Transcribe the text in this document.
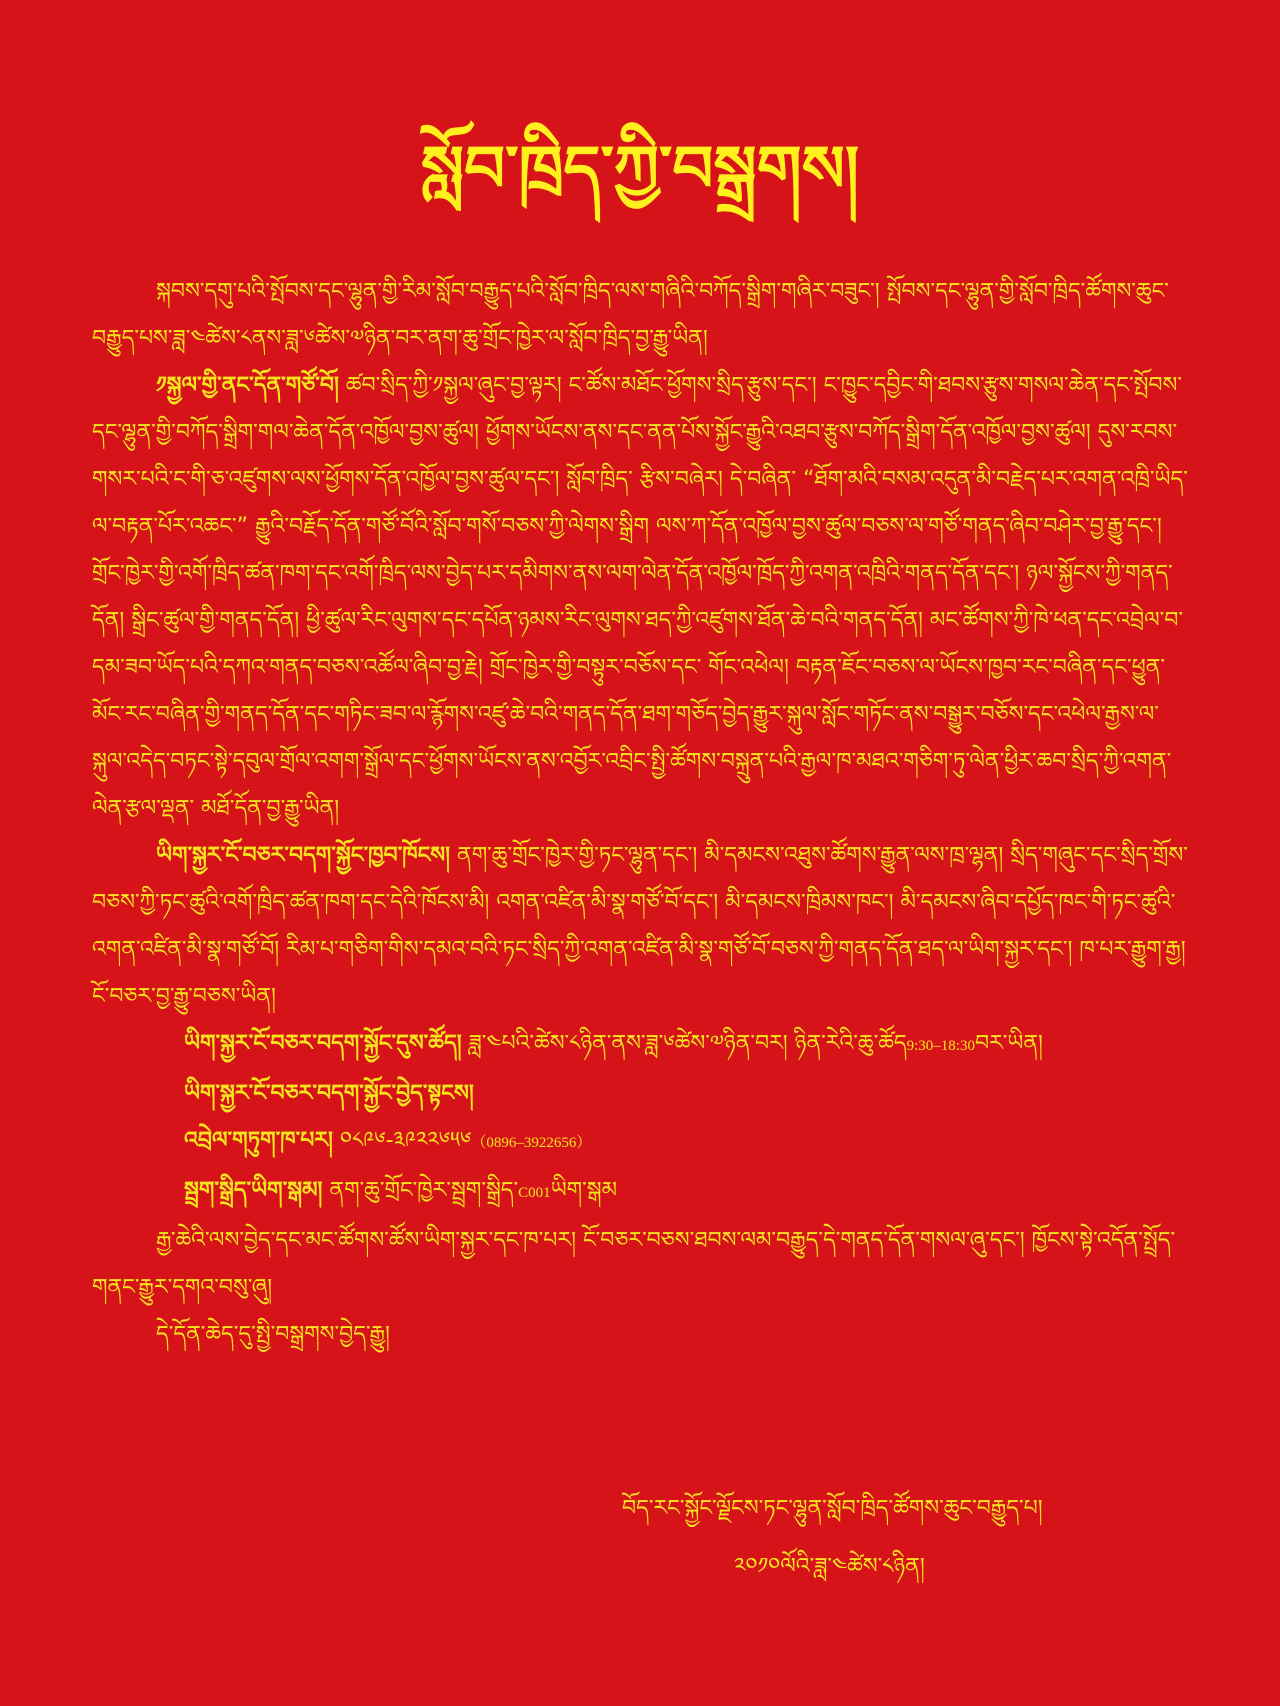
སློབ་ཁྲིད་ཀྱི་བསྒྲགས།

སྐབས་དགུ་པའི་སྤོབས་དང་ལྷུན་གྱི་རིམ་སློབ་བརྒྱུད་པའི་སློབ་ཁྲིད་ལས་གཞིའི་བཀོད་སྒྲིག་གཞིར་བཟུང་། སྤོབས་དང་ལྷུན་གྱི་སློབ་ཁྲིད་ཚོགས་ཆུང་བརྒྱུད་པས་ཟླ་༤ཚེས་༨ནས་ཟླ་༦ཚེས་༧ཉིན་བར་ནག་ཆུ་གྲོང་ཁྱེར་ལ་སློབ་ཁྲིད་བྱ་རྒྱུ་ཡིན།

༡སྐྱལ་གྱི་ནང་དོན་གཙོ་བོ། ཚབ་སྲིད་ཀྱི་༡སྐྱལ་ཞུང་བྱ་ལྟར། ང་ཚོས་མཐོང་ཕྱོགས་སྲིད་རྩུས་དང་། ང་ཁྱུང་དབྱིང་གི་ཐབས་རྩུས་གསལ་ཆེན་དང་སྤོབས་དང་ལྷུན་གྱི་བཀོད་སྒྲིག་གལ་ཆེན་དོན་འཁྱོལ་བྱས་ཚུལ། ཕྱོགས་ཡོངས་ནས་དང་ནན་པོས་སྐྱོང་རྒྱུའི་འཐབ་རྩུས་བཀོད་སྒྲིག་དོན་འཁྱོལ་བྱས་ཚུལ། དུས་རབས་གསར་པའི་ང་གི་ཅ་འཛུགས་ལས་ཕྱོགས་དོན་འཁྱོལ་བྱས་ཚུལ་དང་། སློབ་ཁྲིད་ རྩིས་བཞེར། དེ་བཞིན་ “ཐོག་མའི་བསམ་འདུན་མི་བརྗེད་པར་འགན་འཁྲི་ཡིད་ལ་བརྟན་པོར་འཆང་” རྒྱུའི་བརྗོད་དོན་གཙོ་བོའི་སློབ་གསོ་བཅས་ཀྱི་ལེགས་སྒྲིག ལས་ཀ་དོན་འཁྱོལ་བྱས་ཚུལ་བཅས་ལ་གཙོ་གནད་ཞིབ་བཤེར་བྱ་རྒྱུ་དང་། གྲོང་ཁྱེར་གྱི་འགོ་ཁྲིད་ཚན་ཁག་དང་འགོ་ཁྲིད་ལས་བྱེད་པར་དམིགས་ནས་ལག་ལེན་དོན་འཁྱོལ་ཁྲོད་ཀྱི་འགན་འཁྲིའི་གནད་དོན་དང་། ཉལ་སྐྱོངས་ཀྱི་གནད་དོན། སྒྲིང་ཚུལ་གྱི་གནད་དོན། ཕྱི་ཚུལ་རིང་ལུགས་དང་དཔོན་ཉམས་རིང་ལུགས་ཐད་ཀྱི་འཛུགས་ཐོན་ཆེ་བའི་གནད་དོན། མང་ཚོགས་ཀྱི་ཁེ་ཕན་དང་འབྲེལ་བ་དམ་ཟབ་ཡོད་པའི་དཀའ་གནད་བཅས་འཚོལ་ཞིབ་བྱ་རྗེ། གྲོང་ཁྱེར་གྱི་བསྟུར་བཅོས་དང་ གོང་འཕེལ། བརྟན་ཇོང་བཅས་ལ་ཡོངས་ཁྱབ་རང་བཞིན་དང་ཕྱུན་མོང་རང་བཞིན་གྱི་གནད་དོན་དང་གཏིང་ཟབ་ལ་རྙོགས་འཛུ་ཆེ་བའི་གནད་དོན་ཐག་གཅོད་བྱེད་རྒྱུར་སྐུལ་སློང་གཏོང་ནས་བསྒྱུར་བཅོས་དང་འཕེལ་རྒྱས་ལ་སྐུལ་འདེད་བཏང་སྟེ་དབུལ་གྲོལ་འགག་སྒྲོལ་དང་ཕྱོགས་ཡོངས་ནས་འབྱོར་འབྲིང་སྤྱི་ཚོགས་བསྐྲུན་པའི་རྒྱལ་ཁ་མཐའ་གཅིག་ཏུ་ལེན་ཕྱིར་ཆབ་སྲིད་ཀྱི་འགན་ལེན་རྩལ་ལྡན་ མཐོ་དོན་བྱ་རྒྱུ་ཡིན།

ཡིག་སྐྱར་ངོ་བཅར་བདག་སྐྱོང་ཁྱབ་ཁོངས། ནག་ཆུ་གྲོང་ཁྱེར་གྱི་ཏང་ལྷུན་དང་། མི་དམངས་འཐུས་ཚོགས་རྒྱུན་ལས་ཁྲ་ལྷན། སྲིད་གཞུང་དང་སྲིད་གྲོས་བཅས་ཀྱི་ཏང་ཚུའི་འགོ་ཁྲིད་ཚན་ཁག་དང་དེའི་ཁོངས་མི། འགན་འཛིན་མི་སྣ་གཙོ་བོ་དང་། མི་དམངས་ཁྲིམས་ཁང་། མི་དམངས་ཞིབ་དཔྱོད་ཁང་གི་ཏང་ཚུའི་འགན་འཛིན་མི་སྣ་གཙོ་བོ། རིམ་པ་གཅིག་གིས་དམའ་བའི་ཏང་སྲིད་ཀྱི་འགན་འཛིན་མི་སྣ་གཙོ་བོ་བཅས་ཀྱི་གནད་དོན་ཐད་ལ་ཡིག་སྐྱར་དང་། ཁ་པར་རྒྱུག་རྒྱ། ངོ་བཅར་བྱ་རྒྱུ་བཅས་ཡིན།

ཡིག་སྐྱར་ངོ་བཅར་བདག་སྐྱོང་དུས་ཚོད། ཟླ་༤པའི་ཚེས་༨ཉིན་ནས་ཟླ་༦ཚེས་༧ཉིན་བར། ཉིན་རེའི་ཆུ་ཚོད9:30–18:30བར་ཡིན།

ཡིག་སྐྱར་ངོ་བཅར་བདག་སྐྱོང་བྱེད་སྟངས།

འབྲེལ་གཏུག་ཁ་པར། ༠༨༩༦-༣༩༢༢༦༥༦（0896–3922656）

སྦྲག་སྒྲིད་ཡིག་སྒམ། ནག་ཆུ་གྲོང་ཁྱེར་སྦྲག་སྒྲིད་C001ཡིག་སྒམ

རྒྱ་ཆེའི་ལས་བྱེད་དང་མང་ཚོགས་ཚོས་ཡིག་སྐྱར་དང་ཁ་པར། ངོ་བཅར་བཅས་ཐབས་ལམ་བརྒྱུད་དེ་གནད་དོན་གསལ་ཞུ་དང་། ཁྱོངས་སྟེ་འདོན་སྤྲོད་གནང་རྒྱུར་དགའ་བསུ་ཞུ།

དེ་དོན་ཆེད་དུ་སྤྱི་བསྒྲགས་བྱེད་རྒྱུ།

བོད་རང་སྐྱོང་ལྗོངས་ཏང་ལྷུན་སློབ་ཁྲིད་ཚོགས་ཆུང་བརྒྱུད་པ།
༢༠༡༠ལོའི་ཟླ་༤ཚེས་༨ཉིན།
